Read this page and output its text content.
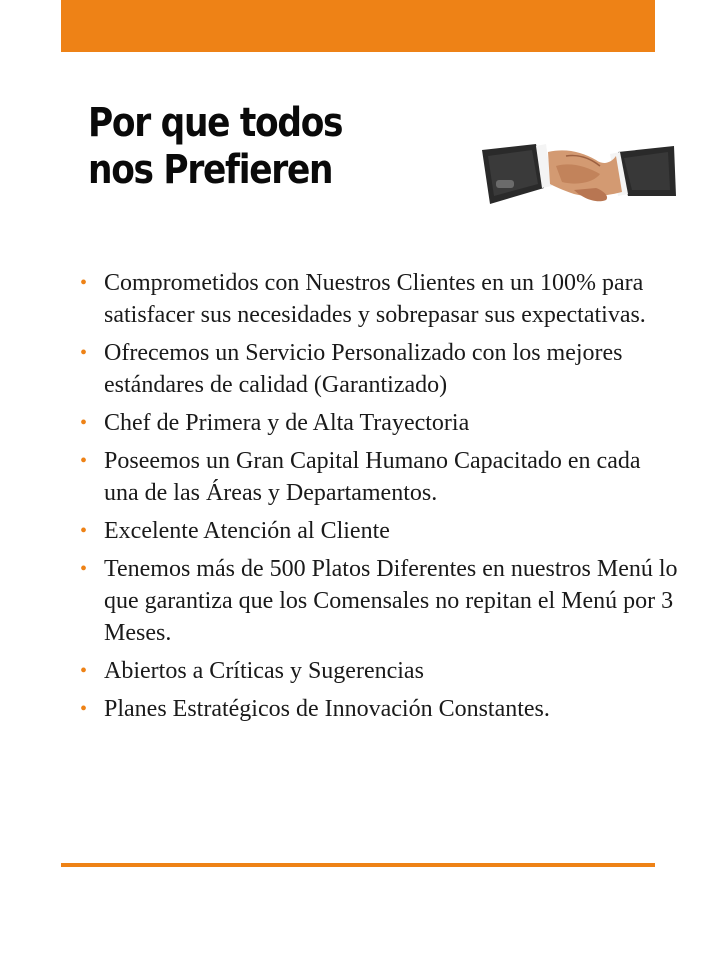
Por que todos nos Prefieren
• Comprometidos con Nuestros Clientes en un 100% para satisfacer sus necesidades y sobrepasar sus expectativas.
• Ofrecemos un Servicio Personalizado con los mejores estándares de calidad (Garantizado)
• Chef de Primera y de Alta Trayectoria
• Poseemos un Gran Capital Humano Capacitado en cada una de las Áreas y Departamentos.
• Excelente Atención al Cliente
• Tenemos más de 500 Platos Diferentes en nuestros Menú lo que garantiza que los Comensales no repitan el Menú por 3 Meses.
• Abiertos a Críticas y Sugerencias
• Planes Estratégicos de Innovación Constantes.
